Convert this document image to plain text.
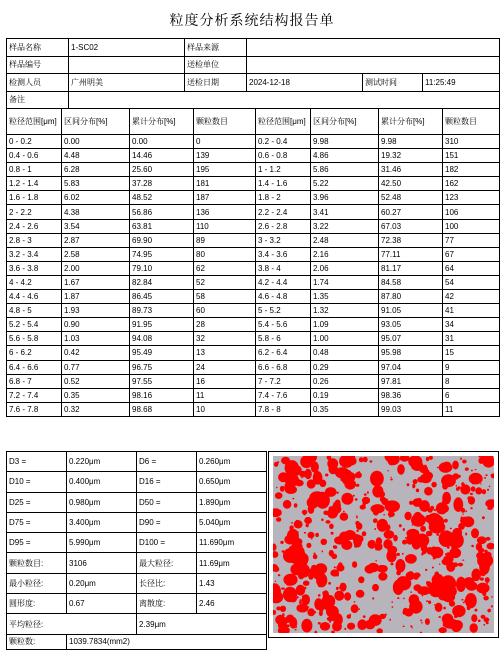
粒度分析系统结构报告单
样品名称	1-SC02	样品来源			
样品编号		送检单位			
检测人员	广州明美	送检日期	2024-12-18	测试时间	11:25:49
备注					
粒径范围[μm]	区间分布[%]	累计分布[%]	颗粒数目	粒径范围[μm]	区间分布[%]	累计分布[%]	颗粒数目
0 - 0.2	0.00	0.00	0	0.2 - 0.4	9.98	9.98	310
0.4 - 0.6	4.48	14.46	139	0.6 - 0.8	4.86	19.32	151
0.8 - 1	6.28	25.60	195	1 - 1.2	5.86	31.46	182
1.2 - 1.4	5.83	37.28	181	1.4 - 1.6	5.22	42.50	162
1.6 - 1.8	6.02	48.52	187	1.8 - 2	3.96	52.48	123
2 - 2.2	4.38	56.86	136	2.2 - 2.4	3.41	60.27	106
2.4 - 2.6	3.54	63.81	110	2.6 - 2.8	3.22	67.03	100
2.8 - 3	2.87	69.90	89	3 - 3.2	2.48	72.38	77
3.2 - 3.4	2.58	74.95	80	3.4 - 3.6	2.16	77.11	67
3.6 - 3.8	2.00	79.10	62	3.8 - 4	2.06	81.17	64
4 - 4.2	1.67	82.84	52	4.2 - 4.4	1.74	84.58	54
4.4 - 4.6	1.87	86.45	58	4.6 - 4.8	1.35	87.80	42
4.8 - 5	1.93	89.73	60	5 - 5.2	1.32	91.05	41
5.2 - 5.4	0.90	91.95	28	5.4 - 5.6	1.09	93.05	34
5.6 - 5.8	1.03	94.08	32	5.8 - 6	1.00	95.07	31
6 - 6.2	0.42	95.49	13	6.2 - 6.4	0.48	95.98	15
6.4 - 6.6	0.77	96.75	24	6.6 - 6.8	0.29	97.04	9
6.8 - 7	0.52	97.55	16	7 - 7.2	0.26	97.81	8
7.2 - 7.4	0.35	98.16	11	7.4 - 7.6	0.19	98.36	6
7.6 - 7.8	0.32	98.68	10	7.8 - 8	0.35	99.03	11
D3 =	0.220μm	D6 =	0.260μm
D10 =	0.400μm	D16 =	0.650μm
D25 =	0.980μm	D50 =	1.890μm
D75 =	3.400μm	D90 =	5.040μm
D95 =	5.990μm	D100 =	11.690μm
颗粒数目:	3106	最大粒径:	11.69μm
最小粒径:	0.20μm	长径比:	1.43
圆形度:	0.67	离散度:	2.46
平均粒径:		2.39μm	
颗粒数:	1039.7834(mm2)		
